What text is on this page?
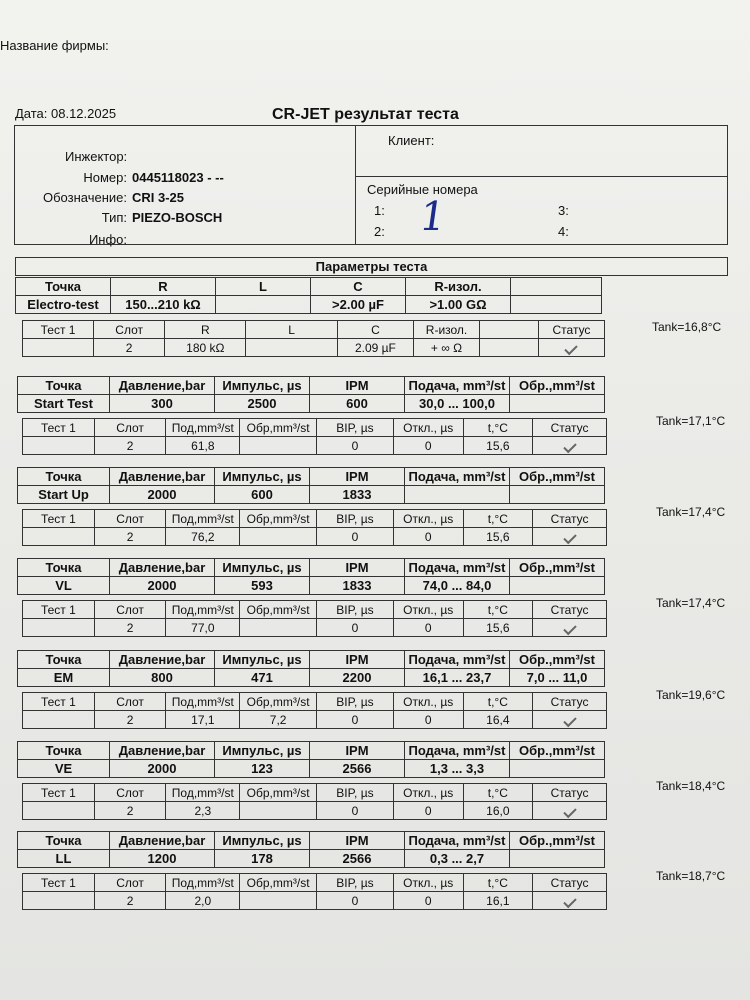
Название фирмы:
Дата: 08.12.2025	CR-JET результат теста
Инжектор:
Номер: 0445118023 - --
Обозначение: CRI 3-25
Тип: PIEZO-BOSCH
Инфо:
Клиент:
Серийные номера
1:
2:
3:
4:
1
Параметры теста
Точка	R	L	C	R-изол.	
Electro-test	150...210 kΩ		>2.00 µF	>1.00 GΩ	
Тест 1	Слот	R	L	C	R-изол.		Статус
	2	180 kΩ		2.09 µF	+ ∞ Ω		
Tank=16,8°C
Точка	Давление,bar	Импульс, µs	IPM	Подача, mm³/st	Обр.,mm³/st
Start Test	300	2500	600	30,0 ... 100,0	
Тест 1	Слот	Под,mm³/st	Обр,mm³/st	BIP, µs	Откл., µs	t,°C	Статус
	2	61,8		0	0	15,6	
Tank=17,1°C
Точка	Давление,bar	Импульс, µs	IPM	Подача, mm³/st	Обр.,mm³/st
Start Up	2000	600	1833		
Тест 1	Слот	Под,mm³/st	Обр,mm³/st	BIP, µs	Откл., µs	t,°C	Статус
	2	76,2		0	0	15,6	
Tank=17,4°C
Точка	Давление,bar	Импульс, µs	IPM	Подача, mm³/st	Обр.,mm³/st
VL	2000	593	1833	74,0 ... 84,0	
Тест 1	Слот	Под,mm³/st	Обр,mm³/st	BIP, µs	Откл., µs	t,°C	Статус
	2	77,0		0	0	15,6	
Tank=17,4°C
Точка	Давление,bar	Импульс, µs	IPM	Подача, mm³/st	Обр.,mm³/st
EM	800	471	2200	16,1 ... 23,7	7,0 ... 11,0
Тест 1	Слот	Под,mm³/st	Обр,mm³/st	BIP, µs	Откл., µs	t,°C	Статус
	2	17,1	7,2	0	0	16,4	
Tank=19,6°C
Точка	Давление,bar	Импульс, µs	IPM	Подача, mm³/st	Обр.,mm³/st
VE	2000	123	2566	1,3 ... 3,3	
Тест 1	Слот	Под,mm³/st	Обр,mm³/st	BIP, µs	Откл., µs	t,°C	Статус
	2	2,3		0	0	16,0	
Tank=18,4°C
Точка	Давление,bar	Импульс, µs	IPM	Подача, mm³/st	Обр.,mm³/st
LL	1200	178	2566	0,3 ... 2,7	
Тест 1	Слот	Под,mm³/st	Обр,mm³/st	BIP, µs	Откл., µs	t,°C	Статус
	2	2,0		0	0	16,1	
Tank=18,7°C
